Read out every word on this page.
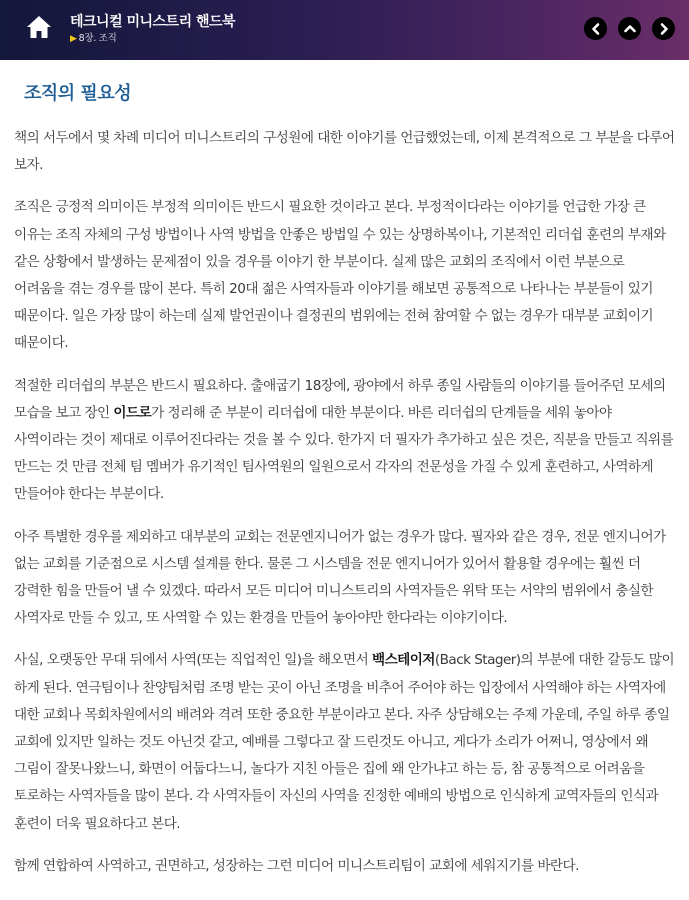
테크니컬 미니스트리 핸드북
▶ 8장. 조직
조직의 필요성

책의 서두에서 몇 차례 미디어 미니스트리의 구성원에 대한 이야기를 언급했었는데, 이제 본격적으로 그 부분을 다루어 보자.

조직은 긍정적 의미이든 부정적 의미이든 반드시 필요한 것이라고 본다. 부정적이다라는 이야기를 언급한 가장 큰 이유는 조직 자체의 구성 방법이나 사역 방법을 안좋은 방법일 수 있는 상명하복이나, 기본적인 리더쉽 훈련의 부재와 같은 상황에서 발생하는 문제점이 있을 경우를 이야기 한 부분이다. 실제 많은 교회의 조직에서 이런 부분으로 어려움을 겪는 경우를 많이 본다. 특히 20대 젊은 사역자들과 이야기를 해보면 공통적으로 나타나는 부분들이 있기 때문이다. 일은 가장 많이 하는데 실제 발언권이나 결정권의 범위에는 전혀 참여할 수 없는 경우가 대부분 교회이기 때문이다.

적절한 리더쉽의 부분은 반드시 필요하다. 출애굽기 18장에, 광야에서 하루 종일 사람들의 이야기를 들어주던 모세의 모습을 보고 장인 이드로가 정리해 준 부분이 리더쉽에 대한 부분이다. 바른 리더쉽의 단계들을 세워 놓아야 사역이라는 것이 제대로 이루어진다라는 것을 볼 수 있다. 한가지 더 필자가 추가하고 싶은 것은, 직분을 만들고 직위를 만드는 것 만큼 전체 팀 멤버가 유기적인 팀사역원의 일원으로서 각자의 전문성을 가질 수 있게 훈련하고, 사역하게 만들어야 한다는 부분이다.

아주 특별한 경우를 제외하고 대부분의 교회는 전문엔지니어가 없는 경우가 많다. 필자와 같은 경우, 전문 엔지니어가 없는 교회를 기준점으로 시스템 설계를 한다. 물론 그 시스템을 전문 엔지니어가 있어서 활용할 경우에는 훨씬 더 강력한 힘을 만들어 낼 수 있겠다. 따라서 모든 미디어 미니스트리의 사역자들은 위탁 또는 서약의 범위에서 충실한 사역자로 만들 수 있고, 또 사역할 수 있는 환경을 만들어 놓아야만 한다라는 이야기이다.

사실, 오랫동안 무대 뒤에서 사역(또는 직업적인 일)을 해오면서 백스테이저(Back Stager)의 부분에 대한 갈등도 많이 하게 된다. 연극팀이나 찬양팀처럼 조명 받는 곳이 아닌 조명을 비추어 주어야 하는 입장에서 사역해야 하는 사역자에 대한 교회나 목회차원에서의 배려와 격려 또한 중요한 부분이라고 본다. 자주 상담해오는 주제 가운데, 주일 하루 종일 교회에 있지만 일하는 것도 아닌것 같고, 예배를 그렇다고 잘 드린것도 아니고, 게다가 소리가 어쩌니, 영상에서 왜 그림이 잘못나왔느니, 화면이 어둡다느니, 놀다가 지친 아들은 집에 왜 안가냐고 하는 등, 참 공통적으로 어려움을 토로하는 사역자들을 많이 본다. 각 사역자들이 자신의 사역을 진정한 예배의 방법으로 인식하게 교역자들의 인식과 훈련이 더욱 필요하다고 본다.

함께 연합하여 사역하고, 권면하고, 성장하는 그런 미디어 미니스트리팀이 교회에 세워지기를 바란다.
